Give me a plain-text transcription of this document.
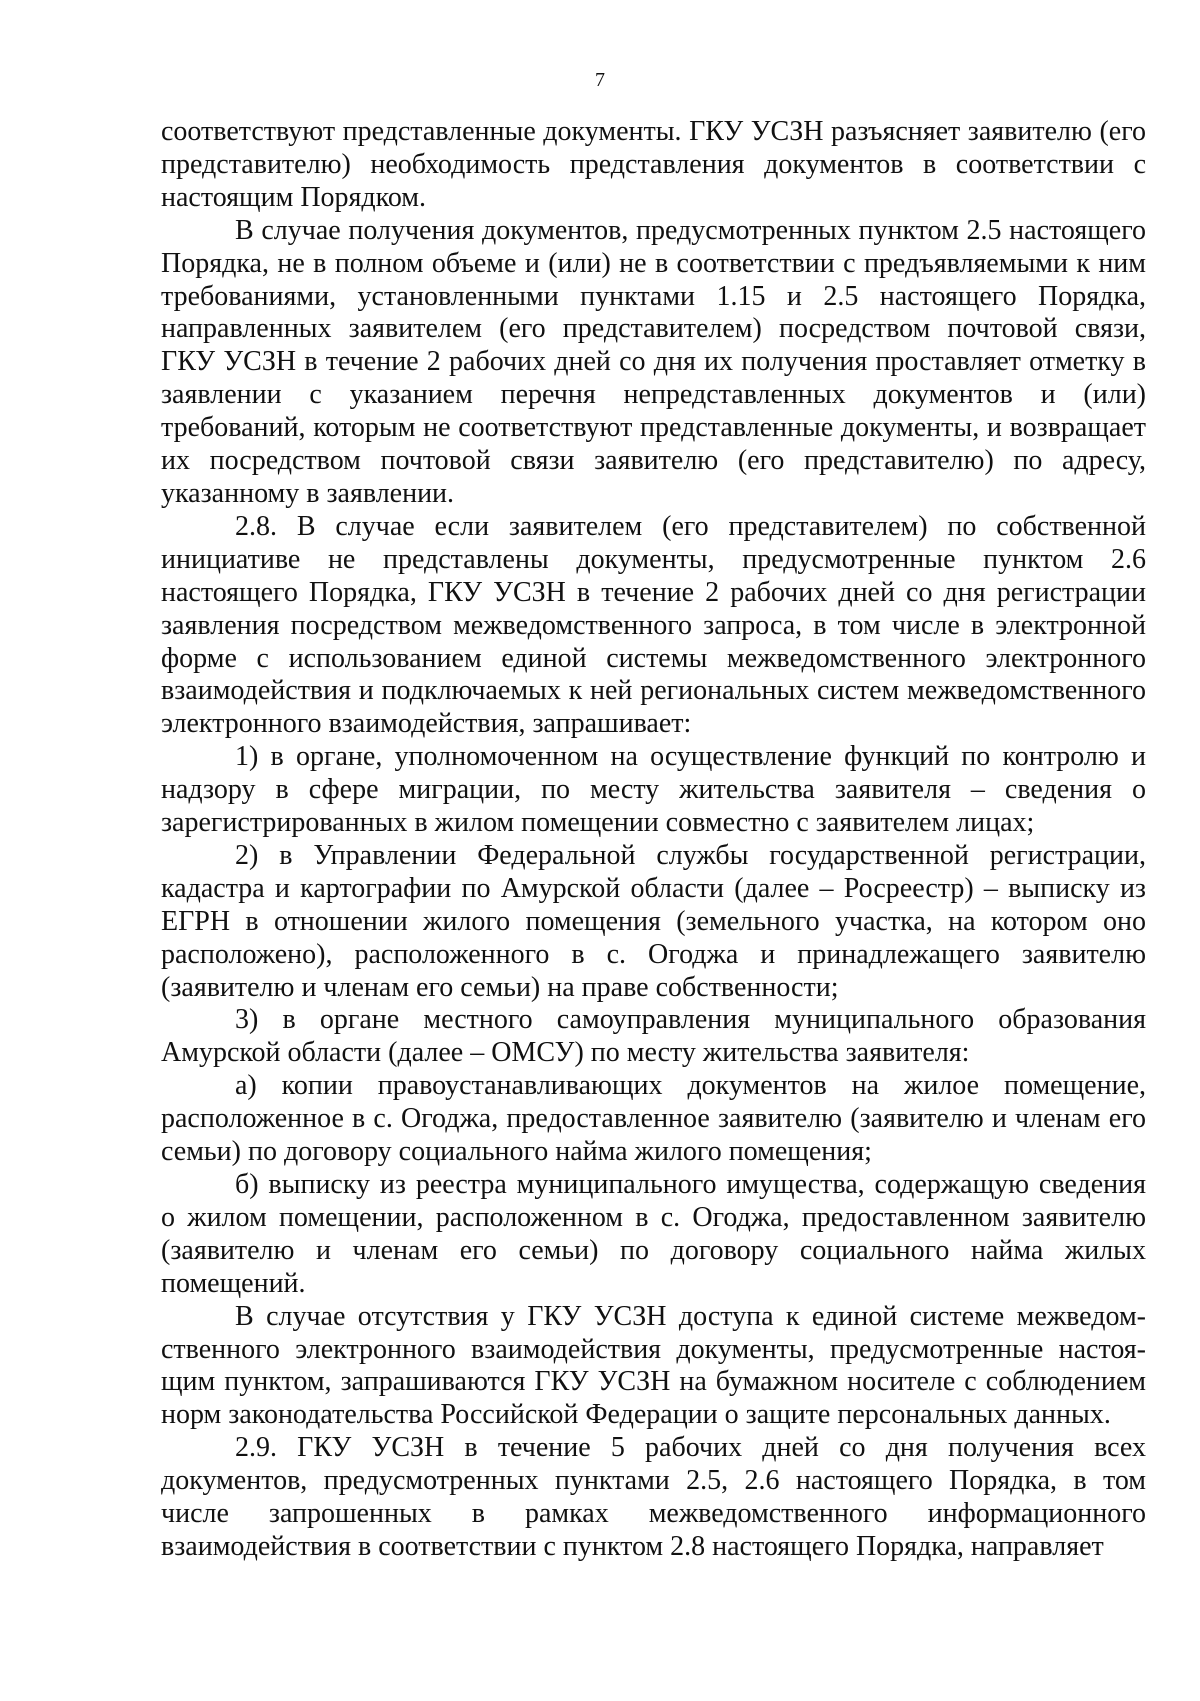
7

соответствуют представленные документы. ГКУ УСЗН разъясняет заявителю (его представителю) необходимость представления документов в соответствии с настоящим Порядком.

В случае получения документов, предусмотренных пунктом 2.5 настоящего Порядка, не в полном объеме и (или) не в соответствии с предъявляемыми к ним требованиями, установленными пунктами 1.15 и 2.5 настоящего Порядка, направленных заявителем (его представителем) посредством почтовой связи, ГКУ УСЗН в течение 2 рабочих дней со дня их получения проставляет отметку в заявлении с указанием перечня непредставленных документов и (или) требований, которым не соответствуют представленные документы, и возвращает их посредством почтовой связи заявителю (его представителю) по адресу, указанному в заявлении.

2.8. В случае если заявителем (его представителем) по собственной инициативе не представлены документы, предусмотренные пунктом 2.6 настоящего Порядка, ГКУ УСЗН в течение 2 рабочих дней со дня регистрации заявления посредством межведомственного запроса, в том числе в электронной форме с использованием единой системы межведомственного электронного взаимодействия и подключаемых к ней региональных систем межведомственного электронного взаимодействия, запрашивает:

1) в органе, уполномоченном на осуществление функций по контролю и надзору в сфере миграции, по месту жительства заявителя – сведения о зарегистрированных в жилом помещении совместно с заявителем лицах;

2) в Управлении Федеральной службы государственной регистрации, кадастра и картографии по Амурской области (далее – Росреестр) – выписку из ЕГРН в отношении жилого помещения (земельного участка, на котором оно расположено), расположенного в с. Огоджа и принадлежащего заявителю (заявителю и членам его семьи) на праве собственности;

3) в органе местного самоуправления муниципального образования Амурской области (далее – ОМСУ) по месту жительства заявителя:

а) копии правоустанавливающих документов на жилое помещение, расположенное в с. Огоджа, предоставленное заявителю (заявителю и членам его семьи) по договору социального найма жилого помещения;

б) выписку из реестра муниципального имущества, содержащую сведения о жилом помещении, расположенном в с. Огоджа, предоставленном заявителю (заявителю и членам его семьи) по договору социального найма жилых помещений.

В случае отсутствия у ГКУ УСЗН доступа к единой системе межведомственного электронного взаимодействия документы, предусмотренные настоящим пунктом, запрашиваются ГКУ УСЗН на бумажном носителе с соблюдением норм законодательства Российской Федерации о защите персональных данных.

2.9. ГКУ УСЗН в течение 5 рабочих дней со дня получения всех документов, предусмотренных пунктами 2.5, 2.6 настоящего Порядка, в том числе запрошенных в рамках межведомственного информационного взаимодействия в соответствии с пунктом 2.8 настоящего Порядка, направляет
